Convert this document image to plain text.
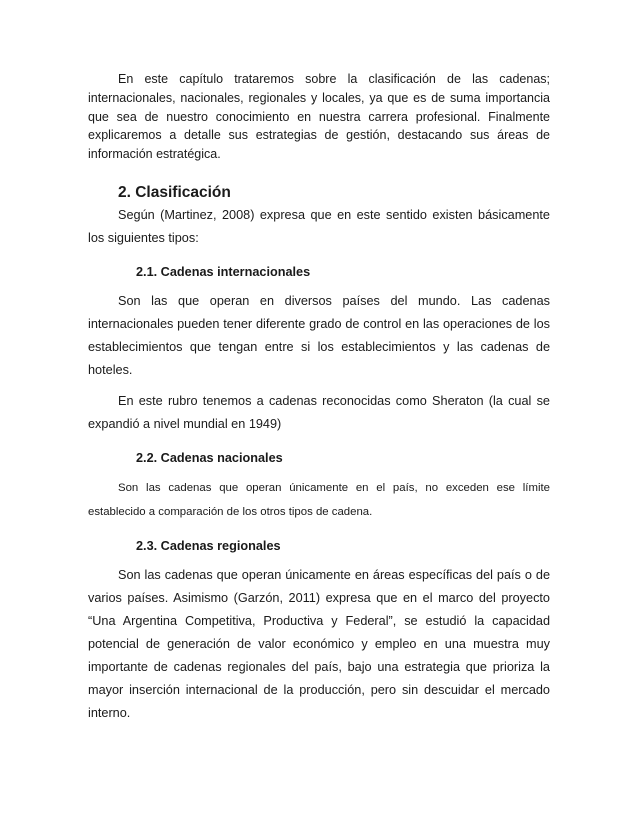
En este capítulo trataremos sobre la clasificación de las cadenas; internacionales, nacionales, regionales y locales, ya que es de suma importancia que sea de nuestro conocimiento en nuestra carrera profesional. Finalmente explicaremos a detalle sus estrategias de gestión, destacando sus áreas de información estratégica.

2. Clasificación

Según (Martinez, 2008) expresa que en este sentido existen básicamente los siguientes tipos:

2.1. Cadenas internacionales

Son las que operan en diversos países del mundo. Las cadenas internacionales pueden tener diferente grado de control en las operaciones de los establecimientos que tengan entre si los establecimientos y las cadenas de hoteles.

En este rubro tenemos a cadenas reconocidas como Sheraton (la cual se expandió a nivel mundial en 1949)

2.2. Cadenas nacionales

Son las cadenas que operan únicamente en el país, no exceden ese límite establecido a comparación de los otros tipos de cadena.

2.3. Cadenas regionales

Son las cadenas que operan únicamente en áreas específicas del país o de varios países. Asimismo (Garzón, 2011) expresa que en el marco del proyecto “Una Argentina Competitiva, Productiva y Federal”, se estudió la capacidad potencial de generación de valor económico y empleo en una muestra muy importante de cadenas regionales del país, bajo una estrategia que prioriza la mayor inserción internacional de la producción, pero sin descuidar el mercado interno.
